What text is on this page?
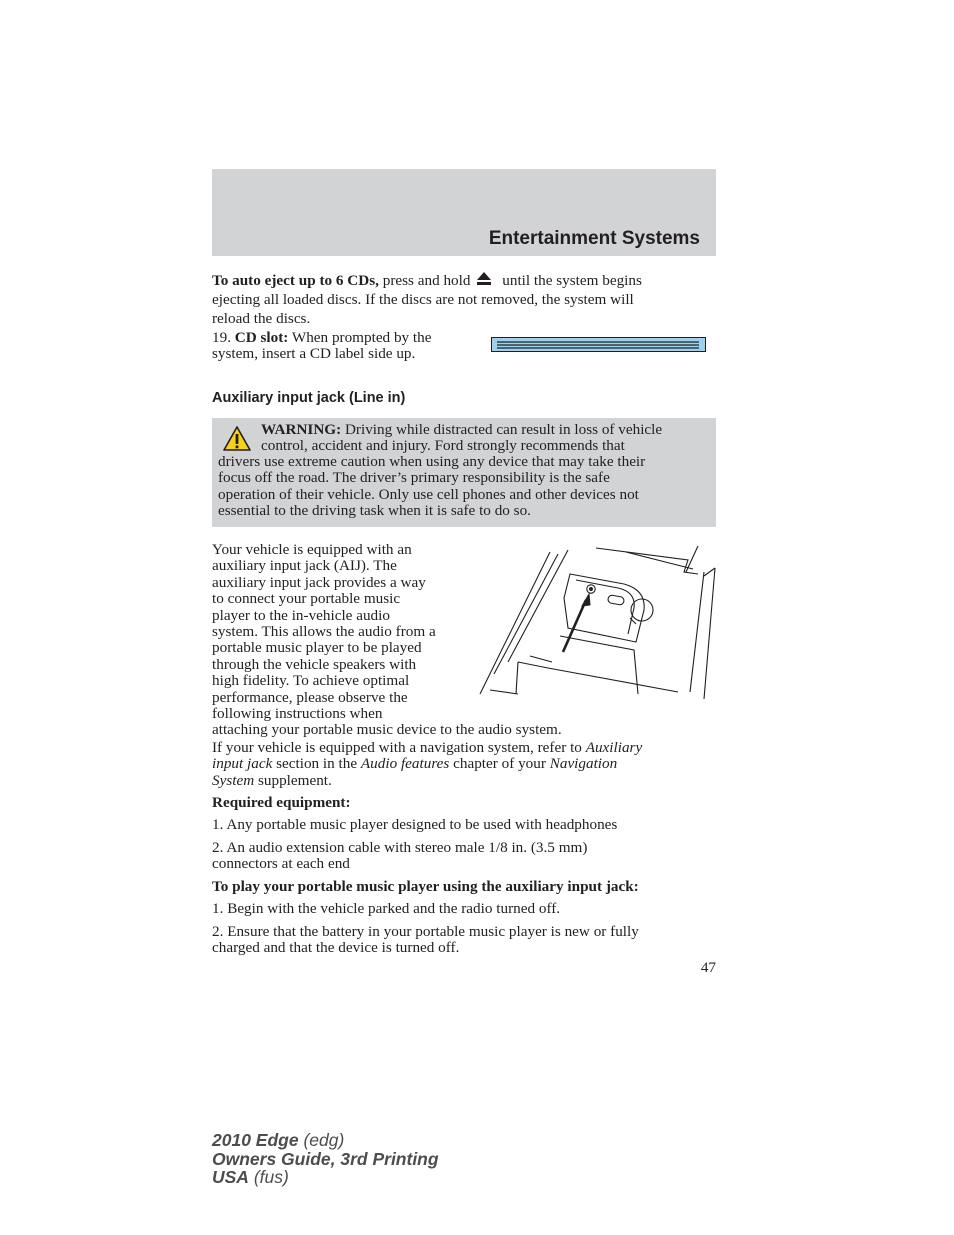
Entertainment Systems
To auto eject up to 6 CDs, press and hold until the system begins
ejecting all loaded discs. If the discs are not removed, the system will
reload the discs.
19. CD slot: When prompted by the
system, insert a CD label side up.
Auxiliary input jack (Line in)
WARNING: Driving while distracted can result in loss of vehicle
control, accident and injury. Ford strongly recommends that
drivers use extreme caution when using any device that may take their
focus off the road. The driver’s primary responsibility is the safe
operation of their vehicle. Only use cell phones and other devices not
essential to the driving task when it is safe to do so.
Your vehicle is equipped with an
auxiliary input jack (AIJ). The
auxiliary input jack provides a way
to connect your portable music
player to the in-vehicle audio
system. This allows the audio from a
portable music player to be played
through the vehicle speakers with
high fidelity. To achieve optimal
performance, please observe the
following instructions when
attaching your portable music device to the audio system.
If your vehicle is equipped with a navigation system, refer to Auxiliary
input jack section in the Audio features chapter of your Navigation
System supplement.
Required equipment:
1. Any portable music player designed to be used with headphones
2. An audio extension cable with stereo male 1/8 in. (3.5 mm)
connectors at each end
To play your portable music player using the auxiliary input jack:
1. Begin with the vehicle parked and the radio turned off.
2. Ensure that the battery in your portable music player is new or fully
charged and that the device is turned off.
47
2010 Edge (edg)
Owners Guide, 3rd Printing
USA (fus)
